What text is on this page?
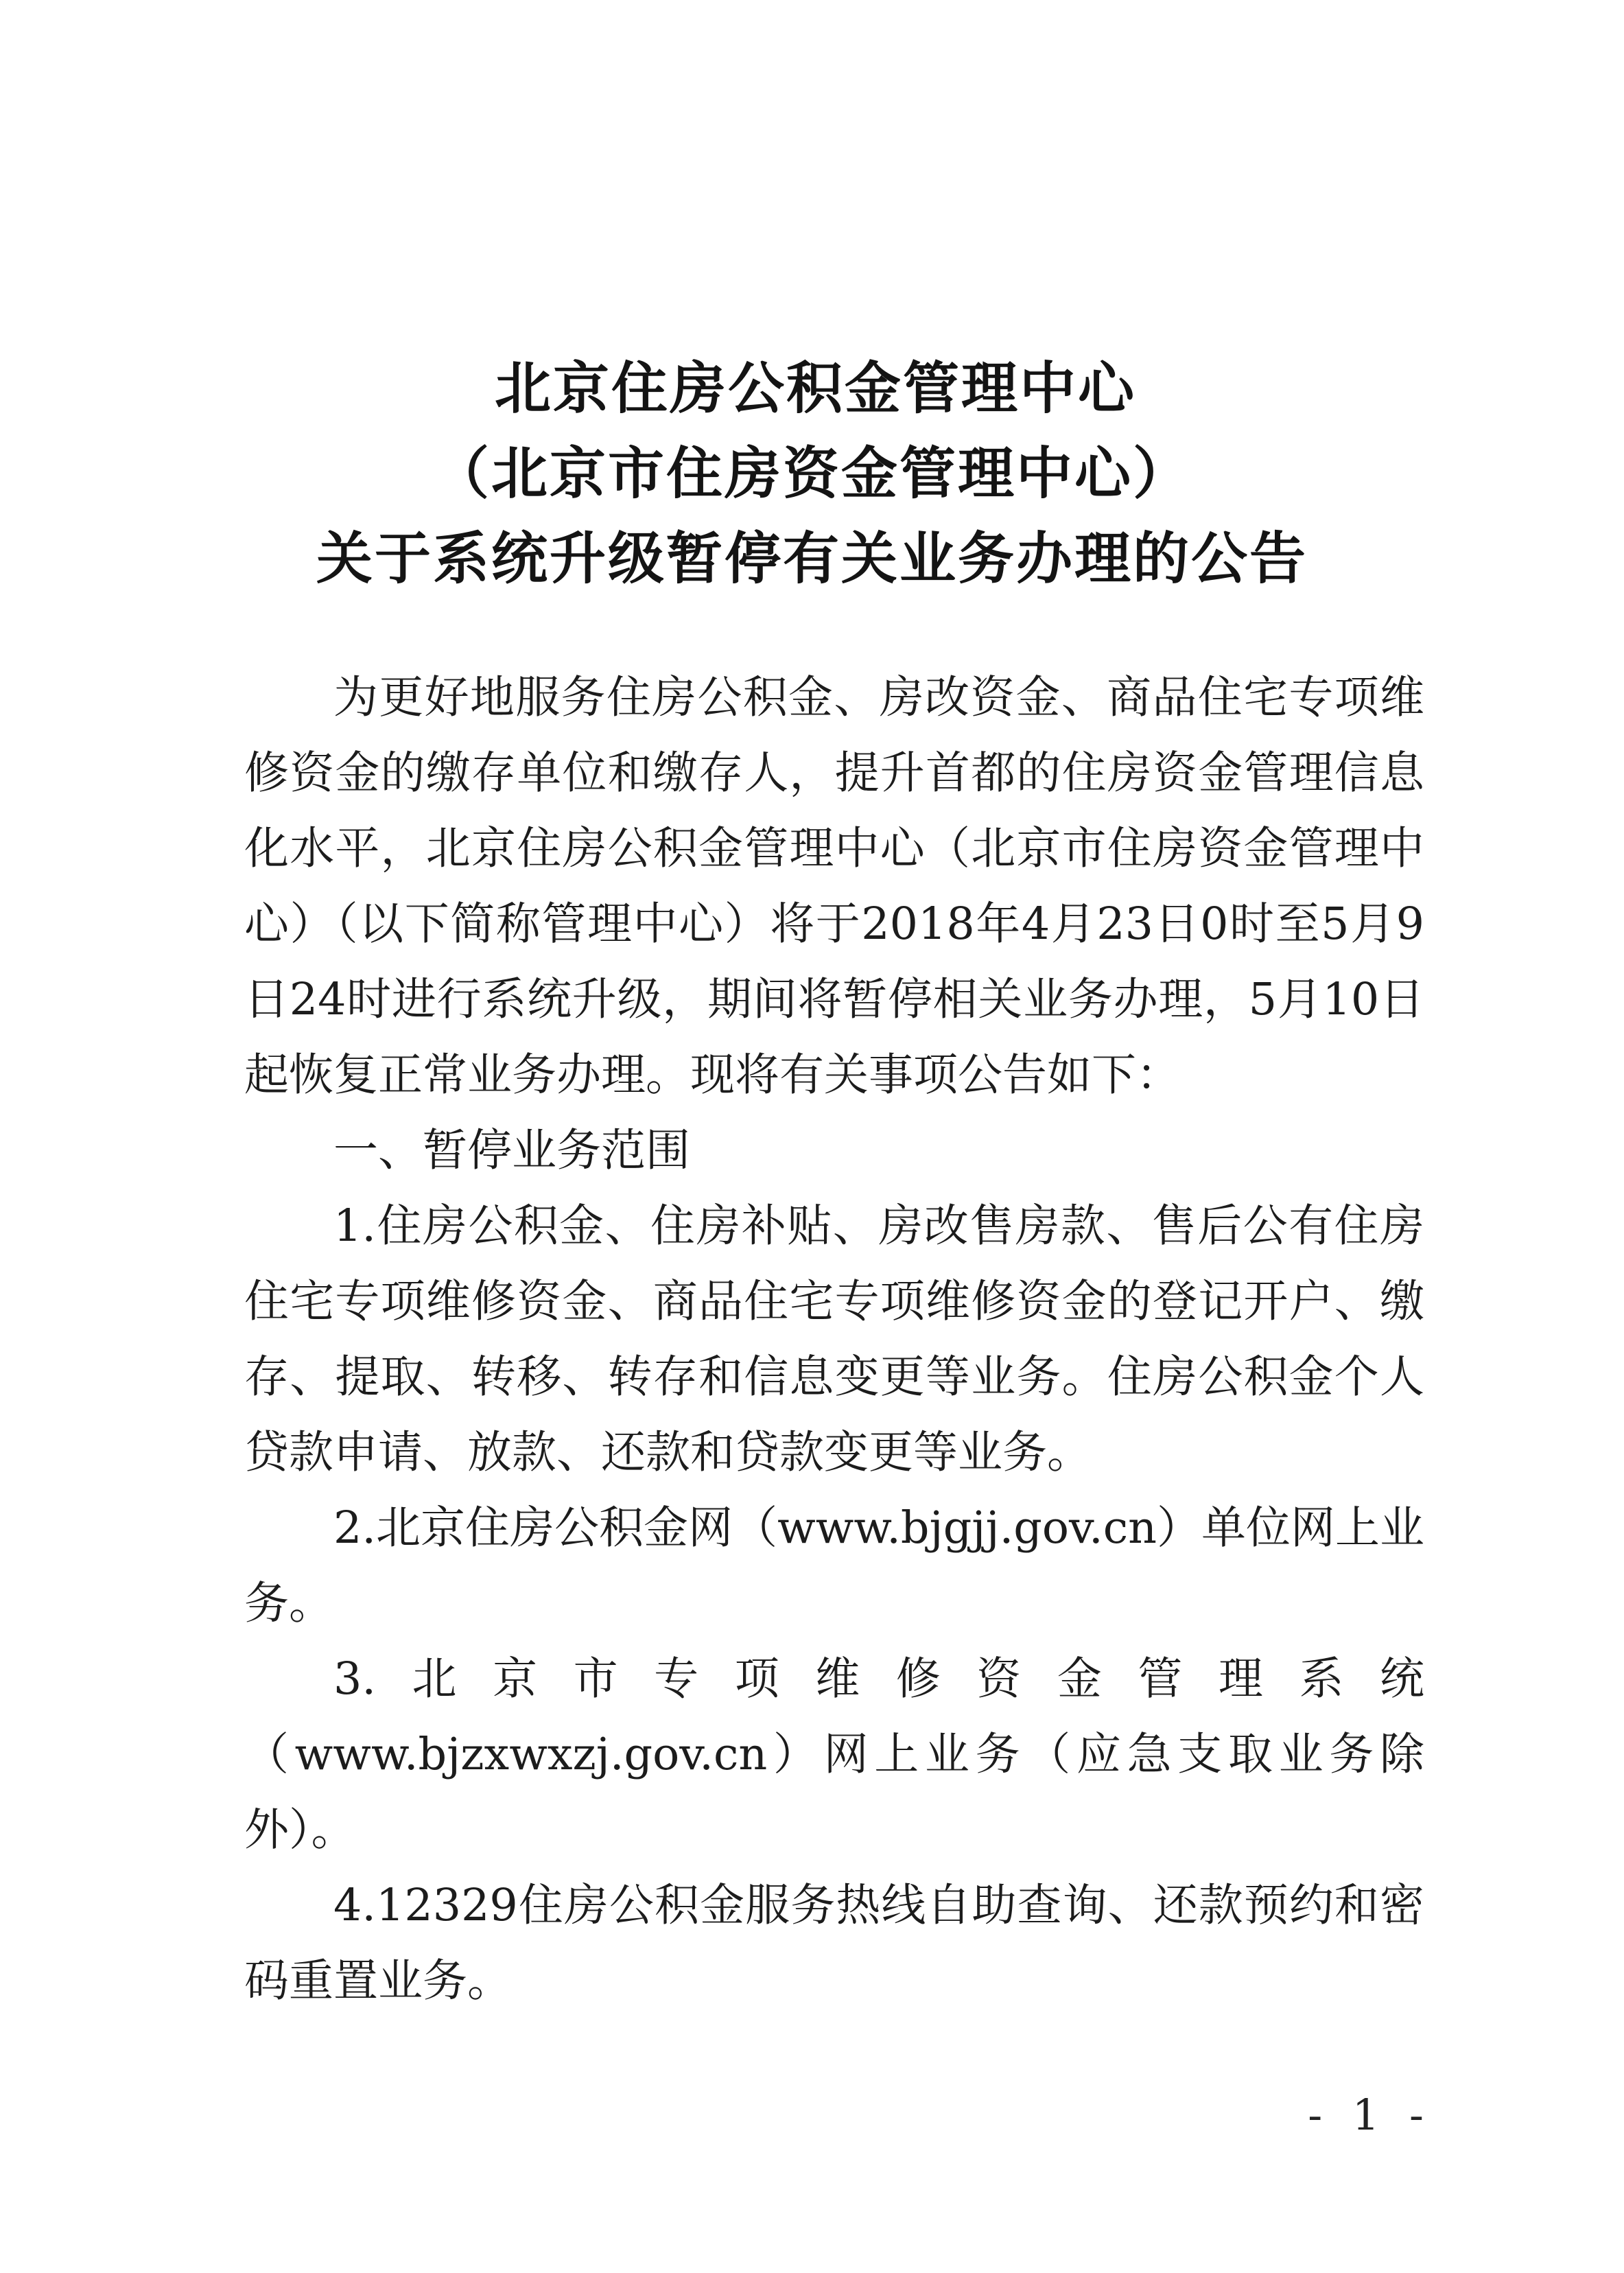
北京住房公积金管理中心
（北京市住房资金管理中心）
关于系统升级暂停有关业务办理的公告

为更好地服务住房公积金、房改资金、商品住宅专项维修资金的缴存单位和缴存人，提升首都的住房资金管理信息化水平，北京住房公积金管理中心（北京市住房资金管理中心）（以下简称管理中心）将于2018年4月23日0时至5月9日24时进行系统升级，期间将暂停相关业务办理，5月10日起恢复正常业务办理。现将有关事项公告如下：

一、暂停业务范围

1.住房公积金、住房补贴、房改售房款、售后公有住房住宅专项维修资金、商品住宅专项维修资金的登记开户、缴存、提取、转移、转存和信息变更等业务。住房公积金个人贷款申请、放款、还款和贷款变更等业务。

2.北京住房公积金网（www.bjgjj.gov.cn）单位网上业务。

3.北京市专项维修资金管理系统（www.bjzxwxzj.gov.cn）网上业务（应急支取业务除外）。

4.12329住房公积金服务热线自助查询、还款预约和密码重置业务。

- 1 -
